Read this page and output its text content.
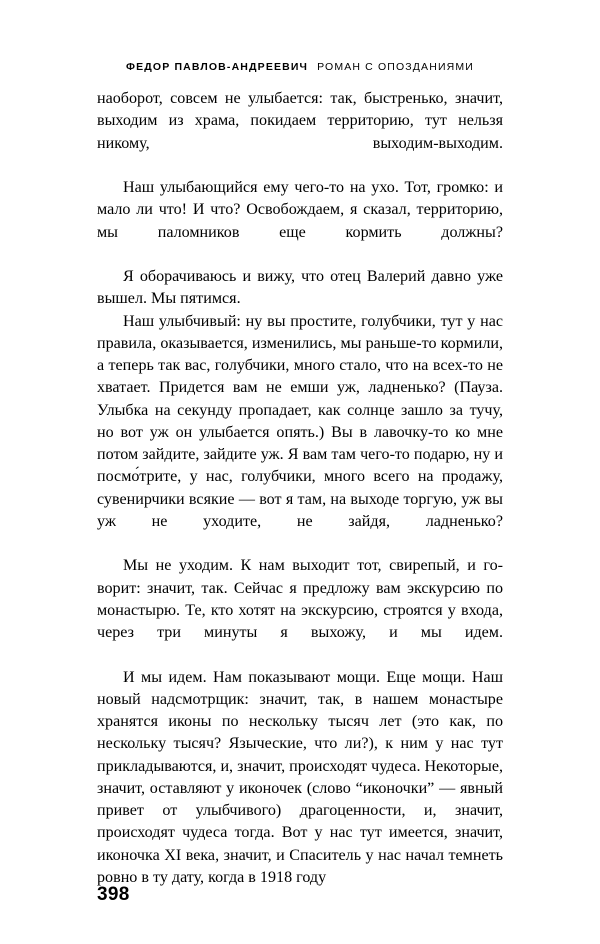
ФЕДОР ПАВЛОВ-АНДРЕЕВИЧ РОМАН С ОПОЗДАНИЯМИ

наоборот, совсем не улыбается: так, быстренько, значит, выходим из храма, покидаем территорию, тут нельзя никому, выходим-выходим.

Наш улыбающийся ему чего-то на ухо. Тот, громко: и мало ли что! И что? Освобождаем, я сказал, территорию, мы паломников еще кормить должны?

Я оборачиваюсь и вижу, что отец Валерий давно уже вышел. Мы пятимся.

Наш улыбчивый: ну вы простите, голубчики, тут у нас правила, оказывается, изменились, мы раньше-то кормили, а теперь так вас, голубчики, много стало, что на всех-то не хватает. Придется вам не емши уж, ладненько? (Пауза. Улыбка на секунду пропадает, как солнце зашло за тучу, но вот уж он улыбается опять.) Вы в лавочку-то ко мне потом зайдите, зайдите уж. Я вам там чего-то подарю, ну и посмо́трите, у нас, голубчики, много всего на продажу, сувенирчики всякие — вот я там, на выходе торгую, уж вы уж не уходите, не зайдя, ладненько?

Мы не уходим. К нам выходит тот, свирепый, и говорит: значит, так. Сейчас я предложу вам экскурсию по монастырю. Те, кто хотят на экскурсию, строятся у входа, через три минуты я выхожу, и мы идем.

И мы идем. Нам показывают мощи. Еще мощи. Наш новый надсмотрщик: значит, так, в нашем монастыре хранятся иконы по нескольку тысяч лет (это как, по нескольку тысяч? Языческие, что ли?), к ним у нас тут прикладываются, и, значит, происходят чудеса. Некоторые, значит, оставляют у иконочек (слово “иконочки” — явный привет от улыбчивого) драгоценности, и, значит, происходят чудеса тогда. Вот у нас тут имеется, значит, иконочка XI века, значит, и Спаситель у нас начал темнеть ровно в ту дату, когда в 1918 году

398
